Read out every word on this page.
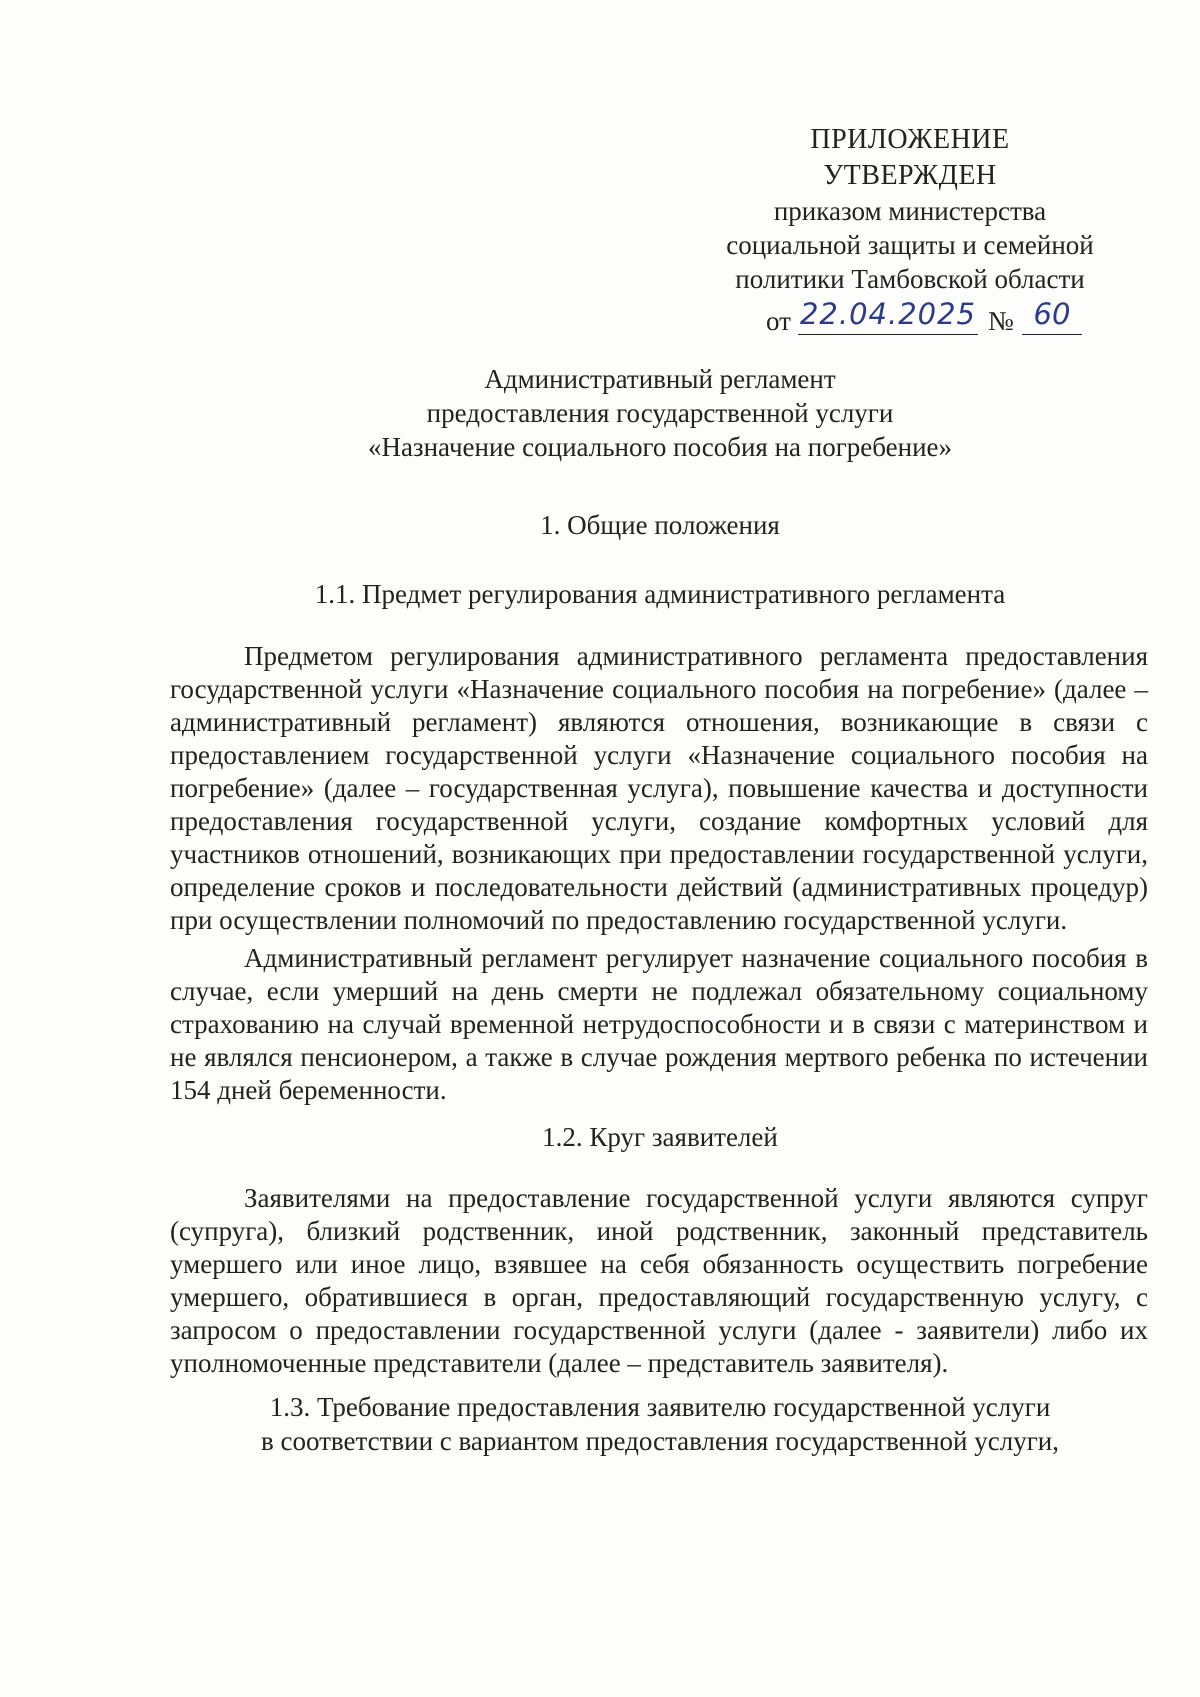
ПРИЛОЖЕНИЕ
УТВЕРЖДЕН
приказом министерства
социальной защиты и семейной
политики Тамбовской области
от 22.04.2025 № 60
Административный регламент
предоставления государственной услуги
«Назначение социального пособия на погребение»
1. Общие положения
1.1. Предмет регулирования административного регламента
Предметом регулирования административного регламента предоставления государственной услуги «Назначение социального пособия на погребение» (далее – административный регламент) являются отношения, возникающие в связи с предоставлением государственной услуги «Назначение социального пособия на погребение» (далее – государственная услуга), повышение качества и доступности предоставления государственной услуги, создание комфортных условий для участников отношений, возникающих при предоставлении государственной услуги, определение сроков и последовательности действий (административных процедур) при осуществлении полномочий по предоставлению государственной услуги.
Административный регламент регулирует назначение социального пособия в случае, если умерший на день смерти не подлежал обязательному социальному страхованию на случай временной нетрудоспособности и в связи с материнством и не являлся пенсионером, а также в случае рождения мертвого ребенка по истечении 154 дней беременности.
1.2. Круг заявителей
Заявителями на предоставление государственной услуги являются супруг (супруга), близкий родственник, иной родственник, законный представитель умершего или иное лицо, взявшее на себя обязанность осуществить погребение умершего, обратившиеся в орган, предоставляющий государственную услугу, с запросом о предоставлении государственной услуги (далее - заявители) либо их уполномоченные представители (далее – представитель заявителя).
1.3. Требование предоставления заявителю государственной услуги
в соответствии с вариантом предоставления государственной услуги,
